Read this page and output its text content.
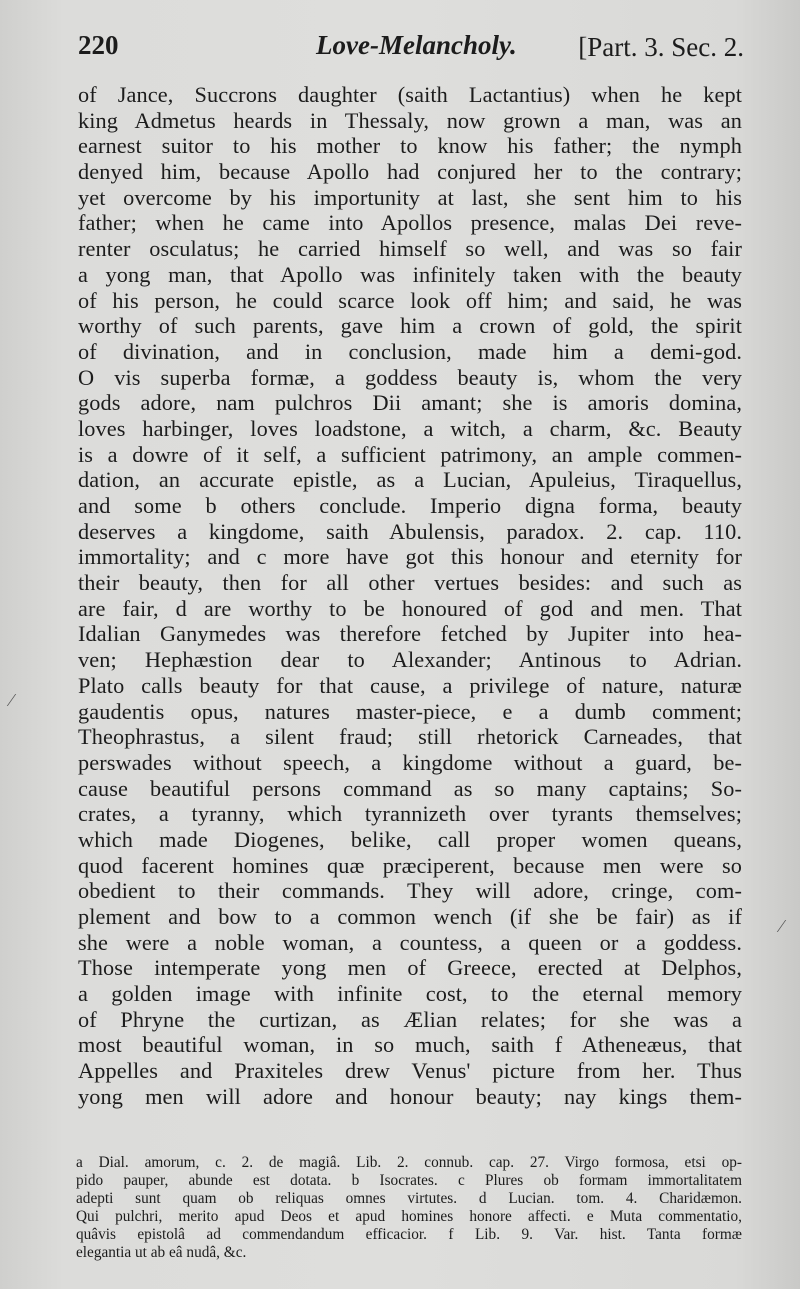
220	Love-Melancholy. [Part. 3. Sec. 2.
of Jance, Succrons daughter (saith Lactantius) when he kept
king Admetus heards in Thessaly, now grown a man, was an
earnest suitor to his mother to know his father; the nymph
denyed him, because Apollo had conjured her to the contrary;
yet overcome by his importunity at last, she sent him to his
father; when he came into Apollos presence, malas Dei reve-
renter osculatus; he carried himself so well, and was so fair
a yong man, that Apollo was infinitely taken with the beauty
of his person, he could scarce look off him; and said, he was
worthy of such parents, gave him a crown of gold, the spirit
of divination, and in conclusion, made him a demi-god.
O vis superba formæ, a goddess beauty is, whom the very
gods adore, nam pulchros Dii amant; she is amoris domina,
loves harbinger, loves loadstone, a witch, a charm, &c. Beauty
is a dowre of it self, a sufficient patrimony, an ample commen-
dation, an accurate epistle, as a Lucian, Apuleius, Tiraquellus,
and some b others conclude. Imperio digna forma, beauty
deserves a kingdome, saith Abulensis, paradox. 2. cap. 110.
immortality; and c more have got this honour and eternity for
their beauty, then for all other vertues besides: and such as
are fair, d are worthy to be honoured of god and men. That
Idalian Ganymedes was therefore fetched by Jupiter into hea-
ven; Hephæstion dear to Alexander; Antinous to Adrian.
Plato calls beauty for that cause, a privilege of nature, naturæ
gaudentis opus, natures master-piece, e a dumb comment;
Theophrastus, a silent fraud; still rhetorick Carneades, that
perswades without speech, a kingdome without a guard, be-
cause beautiful persons command as so many captains; So-
crates, a tyranny, which tyrannizeth over tyrants themselves;
which made Diogenes, belike, call proper women queans,
quod facerent homines quæ præciperent, because men were so
obedient to their commands. They will adore, cringe, com-
plement and bow to a common wench (if she be fair) as if
she were a noble woman, a countess, a queen or a goddess.
Those intemperate yong men of Greece, erected at Delphos,
a golden image with infinite cost, to the eternal memory
of Phryne the curtizan, as Ælian relates; for she was a
most beautiful woman, in so much, saith f Atheneæus, that
Appelles and Praxiteles drew Venus' picture from her. Thus
yong men will adore and honour beauty; nay kings them-
a Dial. amorum, c. 2. de magiâ. Lib. 2. connub. cap. 27. Virgo formosa, etsi op-
pido pauper, abunde est dotata. b Isocrates. c Plures ob formam immortalitatem
adepti sunt quam ob reliquas omnes virtutes. d Lucian. tom. 4. Charidæmon.
Qui pulchri, merito apud Deos et apud homines honore affecti. e Muta commentatio,
quâvis epistolâ ad commendandum efficacior. f Lib. 9. Var. hist. Tanta formæ
elegantia ut ab eâ nudâ, &c.
⁄
⁄
